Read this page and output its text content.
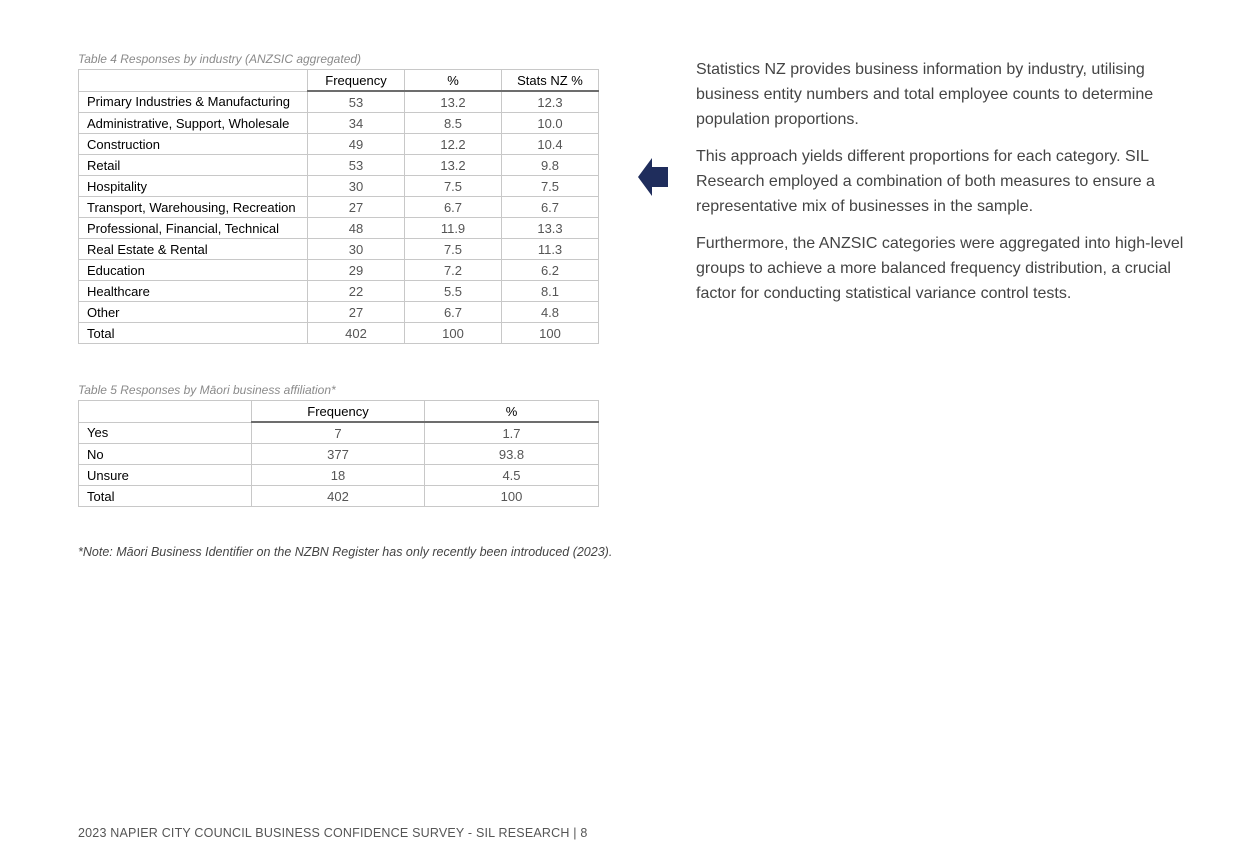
Table 4 Responses by industry (ANZSIC aggregated)
	Frequency	%	Stats NZ %
Primary Industries & Manufacturing	53	13.2	12.3
Administrative, Support, Wholesale	34	8.5	10.0
Construction	49	12.2	10.4
Retail	53	13.2	9.8
Hospitality	30	7.5	7.5
Transport, Warehousing, Recreation	27	6.7	6.7
Professional, Financial, Technical	48	11.9	13.3
Real Estate & Rental	30	7.5	11.3
Education	29	7.2	6.2
Healthcare	22	5.5	8.1
Other	27	6.7	4.8
Total	402	100	100
Table 5 Responses by Māori business affiliation*
	Frequency	%
Yes	7	1.7
No	377	93.8
Unsure	18	4.5
Total	402	100
*Note: Māori Business Identifier on the NZBN Register has only recently been introduced (2023).

Statistics NZ provides business information by industry, utilising business entity numbers and total employee counts to determine population proportions.

This approach yields different proportions for each category. SIL Research employed a combination of both measures to ensure a representative mix of businesses in the sample.

Furthermore, the ANZSIC categories were aggregated into high-level groups to achieve a more balanced frequency distribution, a crucial factor for conducting statistical variance control tests.

2023 NAPIER CITY COUNCIL BUSINESS CONFIDENCE SURVEY - SIL RESEARCH | 8
